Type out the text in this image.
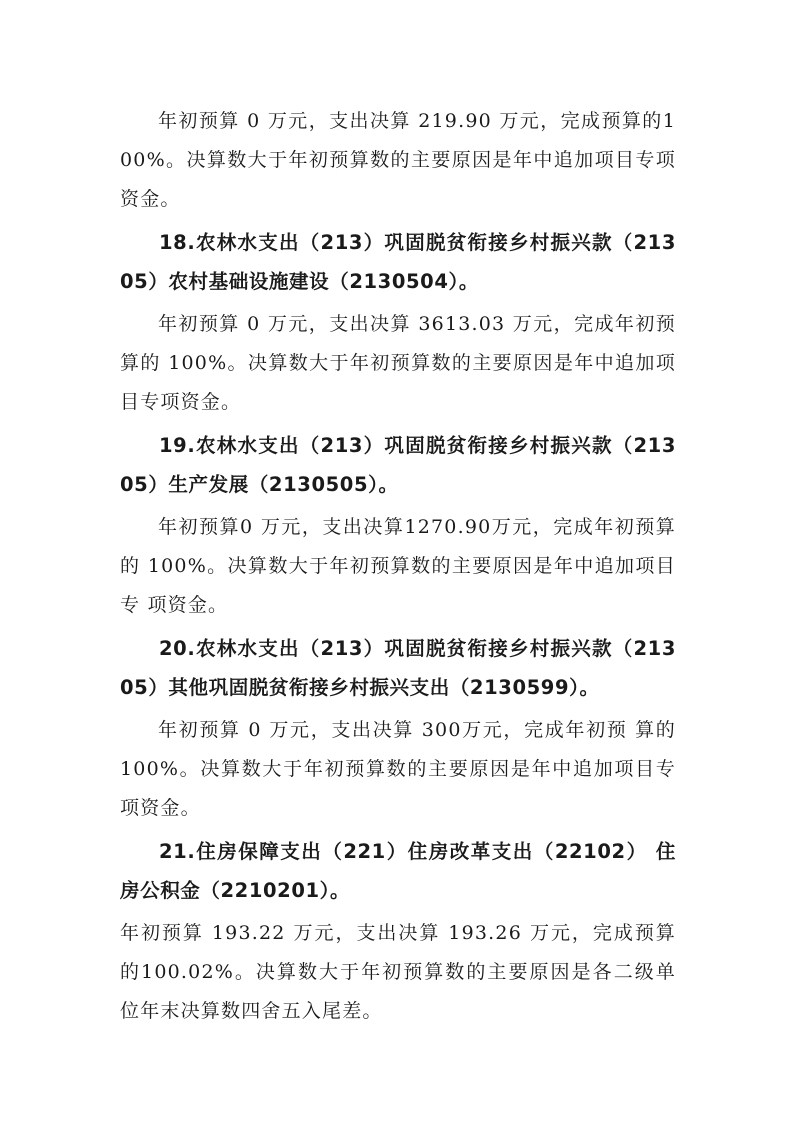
年初预算 0 万元，支出决算 219.90 万元，完成预算的100%。决算数大于年初预算数的主要原因是年中追加项目专项资金。

18.农林水支出（213）巩固脱贫衔接乡村振兴款（21305）农村基础设施建设（2130504）。

年初预算 0 万元，支出决算 3613.03 万元，完成年初预算的 100%。决算数大于年初预算数的主要原因是年中追加项目专项资金。

19.农林水支出（213）巩固脱贫衔接乡村振兴款（21305）生产发展（2130505）。

年初预算0 万元，支出决算1270.90万元，完成年初预算的 100%。决算数大于年初预算数的主要原因是年中追加项目专 项资金。

20.农林水支出（213）巩固脱贫衔接乡村振兴款（21305）其他巩固脱贫衔接乡村振兴支出（2130599）。

年初预算 0 万元，支出决算 300万元，完成年初预 算的 100%。决算数大于年初预算数的主要原因是年中追加项目专项资金。

21.住房保障支出（221）住房改革支出（22102） 住房公积金（2210201）。

年初预算 193.22 万元，支出决算 193.26 万元，完成预算的100.02%。决算数大于年初预算数的主要原因是各二级单位年末决算数四舍五入尾差。
